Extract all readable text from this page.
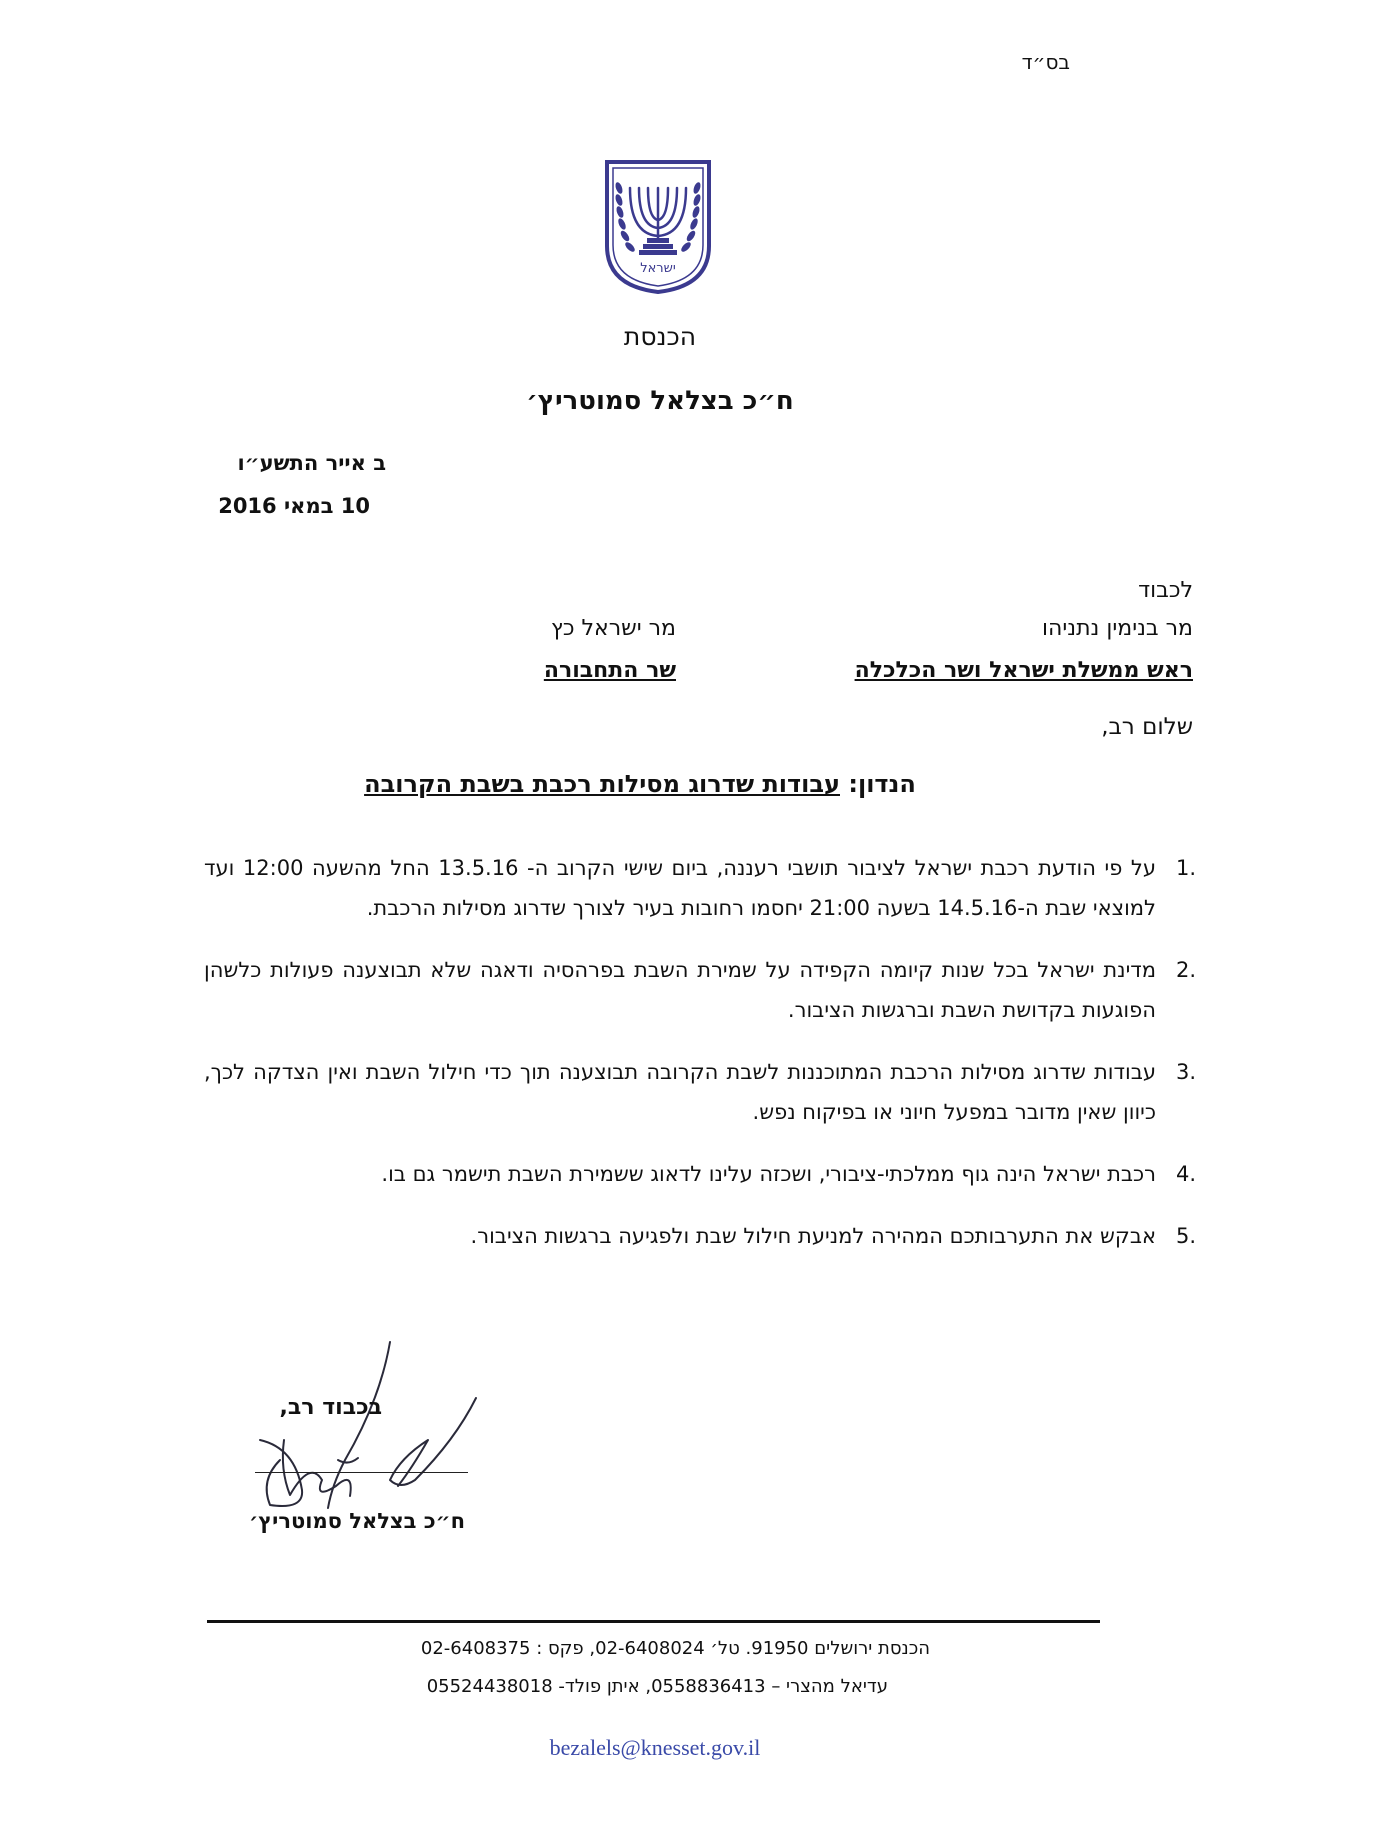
בס״ד
ישראל
הכנסת
ח״כ בצלאל סמוטריץ׳
ב אייר התשע״ו
10 במאי 2016
לכבוד
מר בנימין נתניהו
ראש ממשלת ישראל ושר הכלכלה
מר ישראל כץ
שר התחבורה
שלום רב,
הנדון: עבודות שדרוג מסילות רכבת בשבת הקרובה
1.
על פי הודעת רכבת ישראל לציבור תושבי רעננה, ביום שישי הקרוב ה- 13.5.16 החל מהשעה 12:00 ועד למוצאי שבת ה-14.5.16 בשעה 21:00 יחסמו רחובות בעיר לצורך שדרוג מסילות הרכבת.
2.
מדינת ישראל בכל שנות קיומה הקפידה על שמירת השבת בפרהסיה ודאגה שלא תבוצענה פעולות כלשהן הפוגעות בקדושת השבת וברגשות הציבור.
3.
עבודות שדרוג מסילות הרכבת המתוכננות לשבת הקרובה תבוצענה תוך כדי חילול השבת ואין הצדקה לכך, כיוון שאין מדובר במפעל חיוני או בפיקוח נפש.
4.
רכבת ישראל הינה גוף ממלכתי-ציבורי, ושכזה עלינו לדאוג ששמירת השבת תישמר גם בו.
5.
אבקש את התערבותכם המהירה למניעת חילול שבת ולפגיעה ברגשות הציבור.
בכבוד רב,
ח״כ בצלאל סמוטריץ׳
הכנסת ירושלים 91950. טל׳ 02-6408024, פקס : 02-6408375
עדיאל מהצרי – 0558836413, איתן פולד- 05524438018
bezalels@knesset.gov.il
